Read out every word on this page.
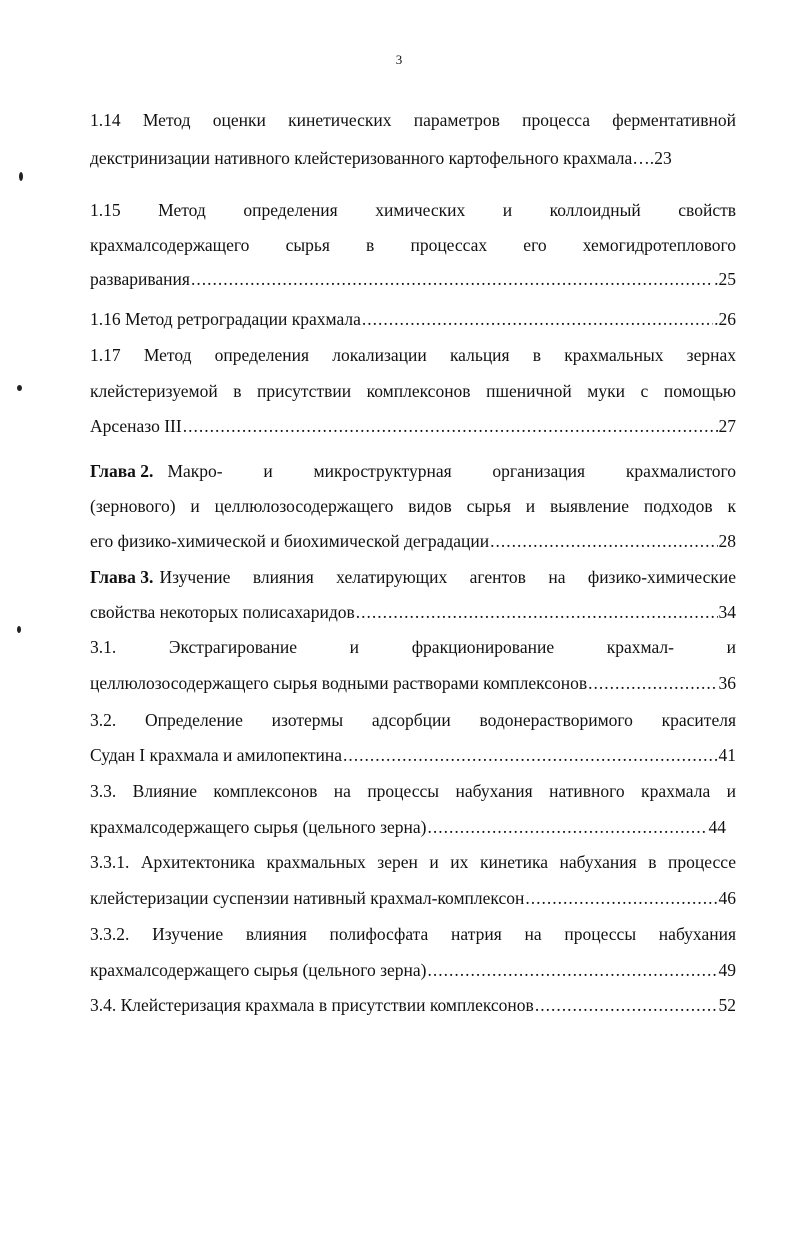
3
1.14 Метод оценки кинетических параметров процесса ферментативной
декстринизации нативного клейстеризованного картофельного крахмала…. 23
1.15 Метод определения химических и коллоидный свойств
крахмалсодержащего сырья в процессах его хемогидротеплового
разваривания .....	.25
1.16 Метод ретроградации крахмала .....	.26
1.17 Метод определения локализации кальция в крахмальных зернах
клейстеризуемой в присутствии комплексонов пшеничной муки с помощью
Арсеназо III .....	27
Глава 2. Макро- и микроструктурная организация крахмалистого
(зернового) и целлюлозосодержащего видов сырья и выявление подходов к
его физико-химической и биохимической деградации .....	28
Глава 3. Изучение влияния хелатирующих агентов на физико-химические
свойства некоторых полисахаридов .....	34
3.1. Экстрагирование и фракционирование крахмал- и
целлюлозосодержащего сырья водными растворами комплексонов .....	36
3.2. Определение изотермы адсорбции водонерастворимого красителя
Судан I крахмала и амилопектина .....	41
3.3. Влияние комплексонов на процессы набухания нативного крахмала и
крахмалсодержащего сырья (цельного зерна) .....	44
3.3.1. Архитектоника крахмальных зерен и их кинетика набухания в процессе
клейстеризации суспензии нативный крахмал-комплексон .....	46
3.3.2. Изучение влияния полифосфата натрия на процессы набухания
крахмалсодержащего сырья (цельного зерна) .....	49
3.4. Клейстеризация крахмала в присутствии комплексонов .....	52
